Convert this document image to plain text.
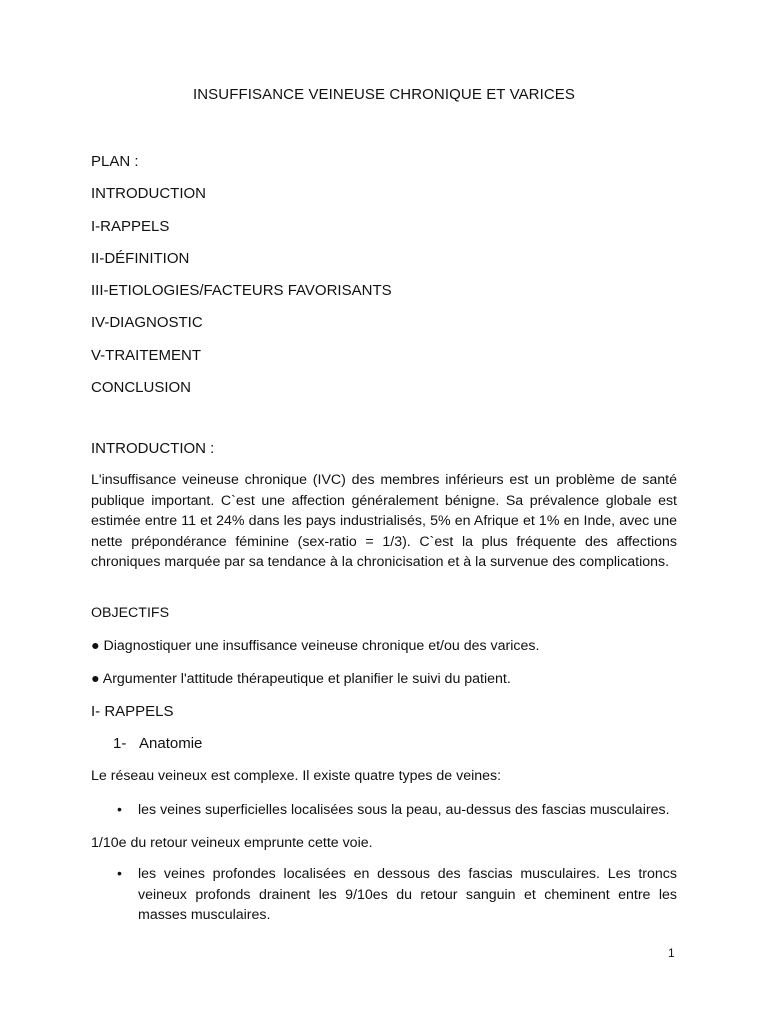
INSUFFISANCE VEINEUSE CHRONIQUE ET VARICES
PLAN :
INTRODUCTION
I-RAPPELS
II-DÉFINITION
III-ETIOLOGIES/FACTEURS FAVORISANTS
IV-DIAGNOSTIC
V-TRAITEMENT
CONCLUSION
INTRODUCTION :
L'insuffisance veineuse chronique (IVC) des membres inférieurs est un problème de santé publique important. C`est une affection généralement bénigne. Sa prévalence globale est estimée entre 11 et 24% dans les pays industrialisés, 5% en Afrique et 1% en Inde, avec une nette prépondérance féminine (sex-ratio = 1/3). C`est la plus fréquente des affections chroniques marquée par sa tendance à la chronicisation et à la survenue des complications.
OBJECTIFS
● Diagnostiquer une insuffisance veineuse chronique et/ou des varices.
● Argumenter l'attitude thérapeutique et planifier le suivi du patient.
I- RAPPELS
1- Anatomie
Le réseau veineux est complexe. Il existe quatre types de veines:
•	les veines superficielles localisées sous la peau, au-dessus des fascias musculaires.
1/10e du retour veineux emprunte cette voie.
•	les veines profondes localisées en dessous des fascias musculaires. Les troncs veineux profonds drainent les 9/10es du retour sanguin et cheminent entre les masses musculaires.
1
